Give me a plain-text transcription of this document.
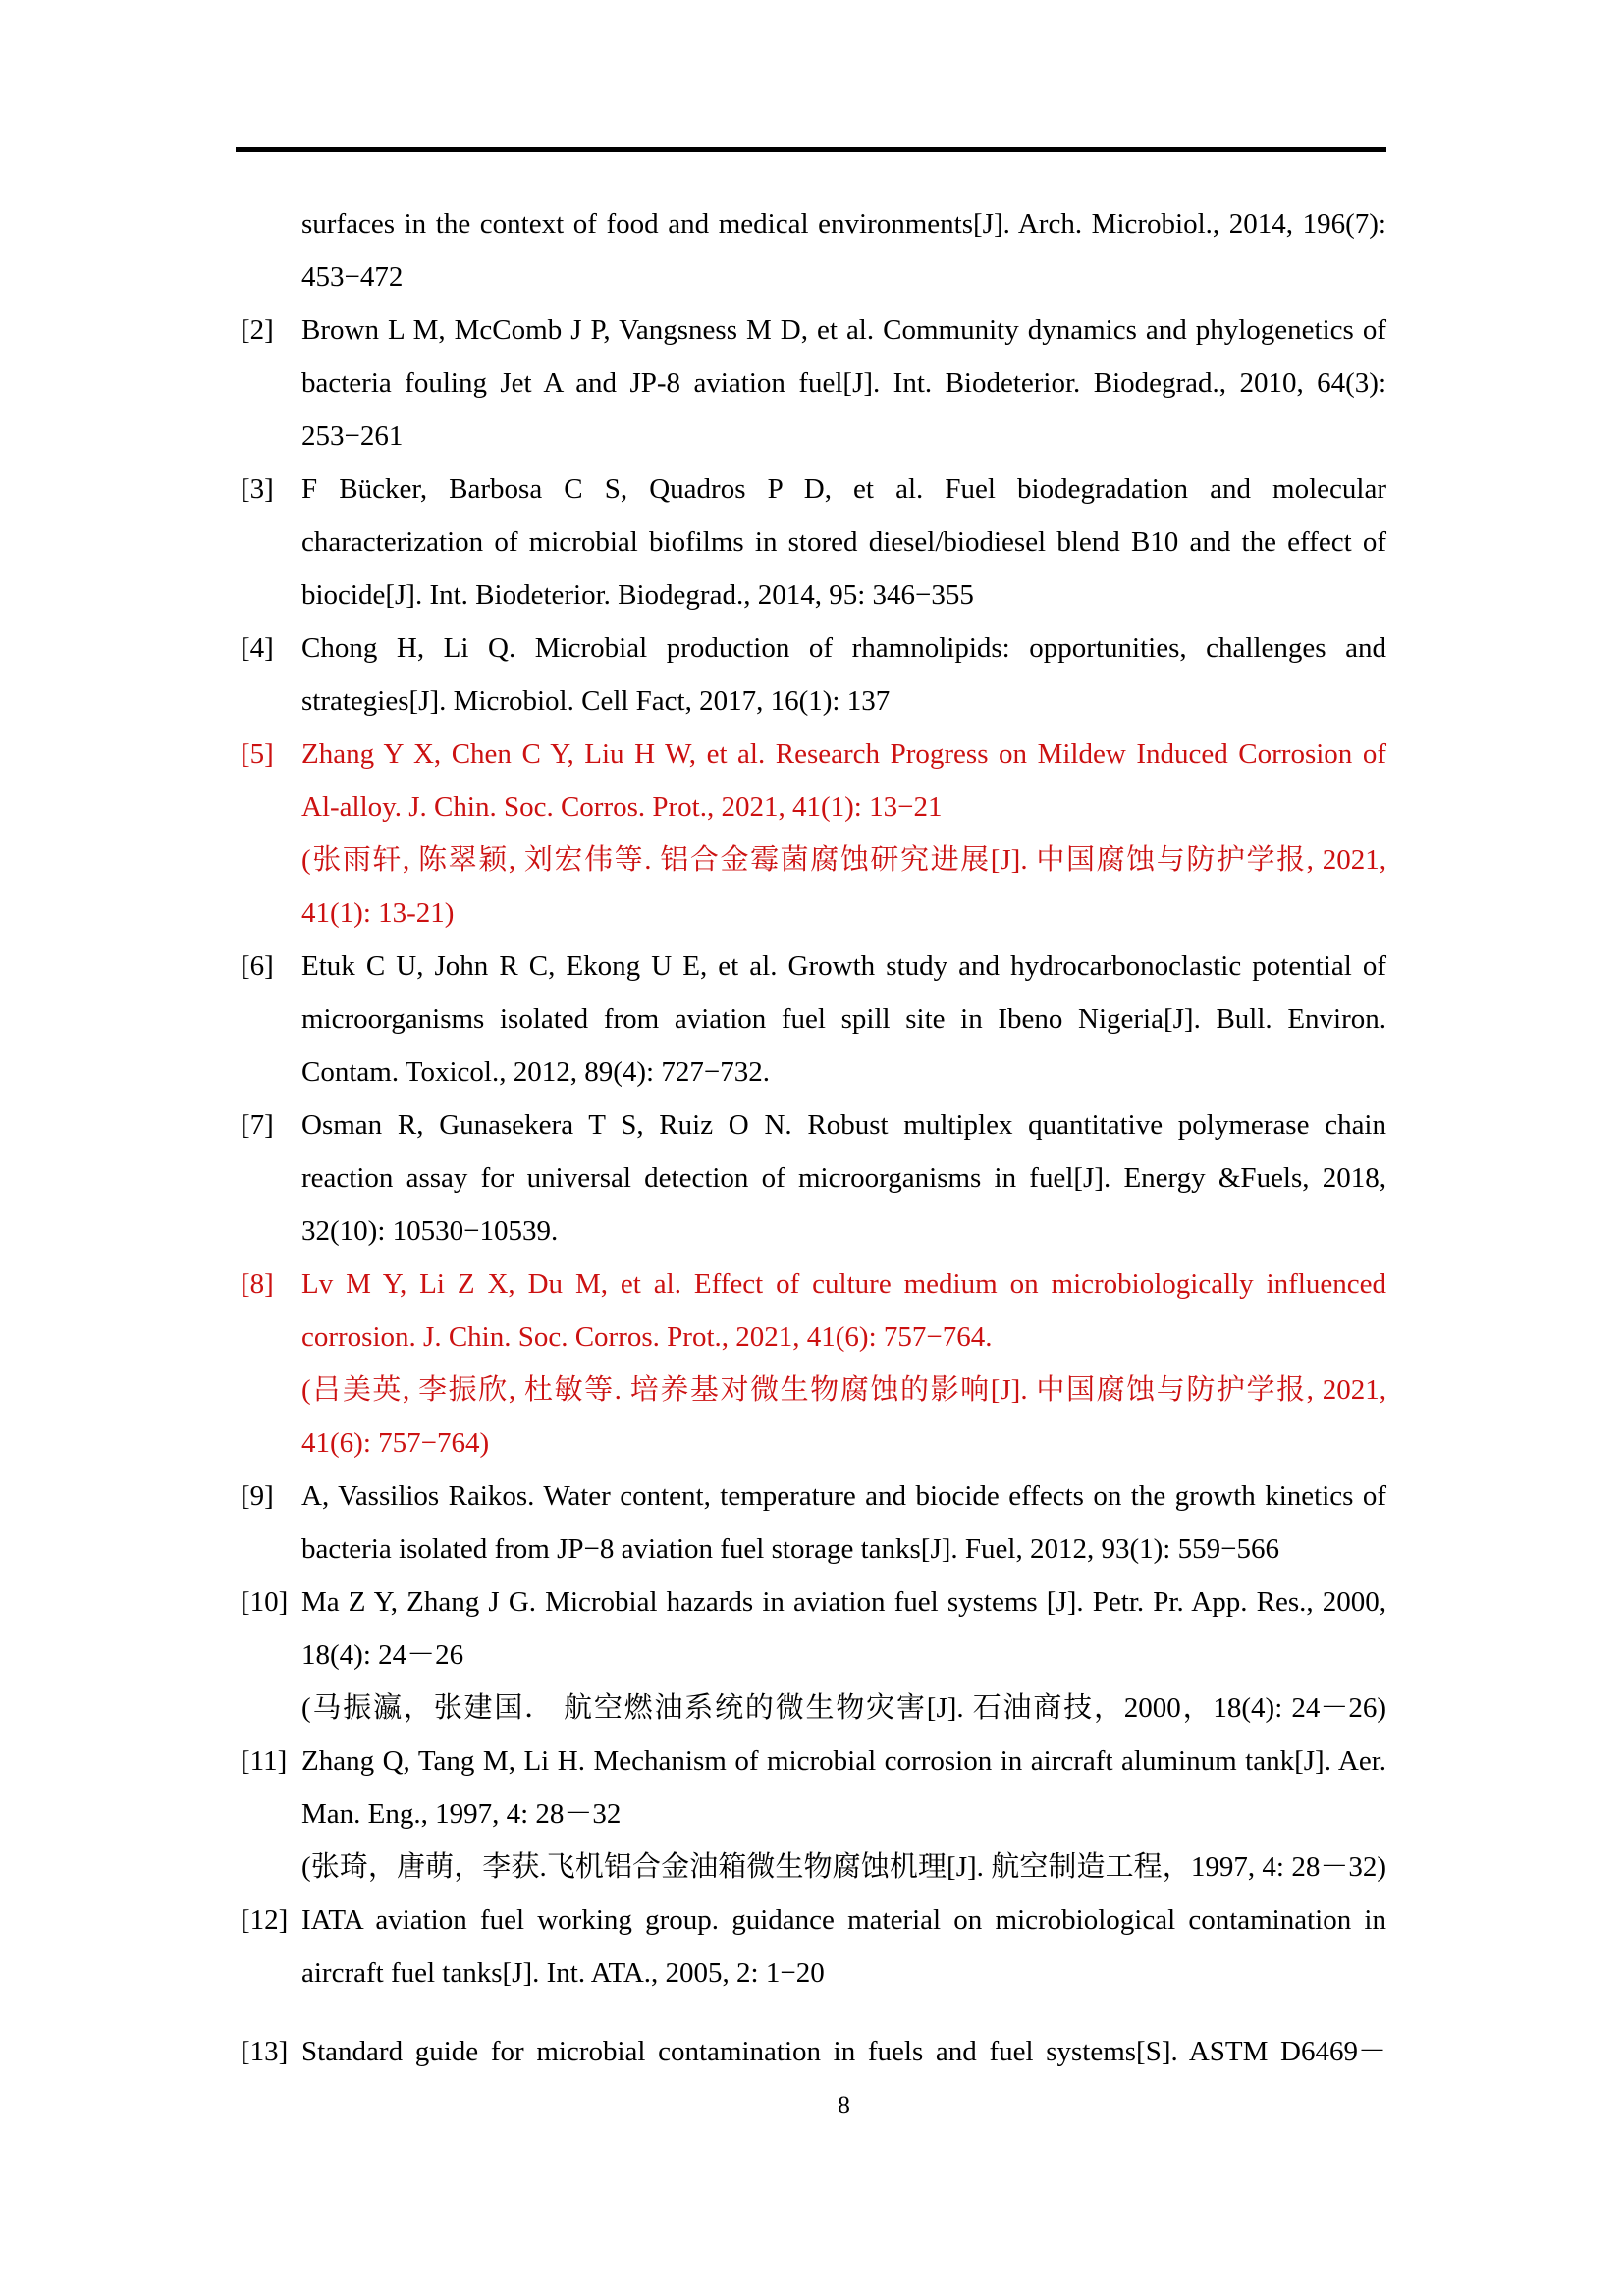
surfaces in the context of food and medical environments[J]. Arch. Microbiol., 2014, 196(7):
453−472
[2] Brown L M, McComb J P, Vangsness M D, et al. Community dynamics and phylogenetics of
bacteria fouling Jet A and JP-8 aviation fuel[J]. Int. Biodeterior. Biodegrad., 2010, 64(3):
253−261
[3] F Bücker, Barbosa C S, Quadros P D, et al. Fuel biodegradation and molecular
characterization of microbial biofilms in stored diesel/biodiesel blend B10 and the effect of
biocide[J]. Int. Biodeterior. Biodegrad., 2014, 95: 346−355
[4] Chong H, Li Q. Microbial production of rhamnolipids: opportunities, challenges and
strategies[J]. Microbiol. Cell Fact, 2017, 16(1): 137
[5] Zhang Y X, Chen C Y, Liu H W, et al. Research Progress on Mildew Induced Corrosion of
Al-alloy. J. Chin. Soc. Corros. Prot., 2021, 41(1): 13−21
(张雨轩, 陈翠颖, 刘宏伟等. 铝合金霉菌腐蚀研究进展[J]. 中国腐蚀与防护学报, 2021,
41(1): 13-21)
[6] Etuk C U, John R C, Ekong U E, et al. Growth study and hydrocarbonoclastic potential of
microorganisms isolated from aviation fuel spill site in Ibeno Nigeria[J]. Bull. Environ.
Contam. Toxicol., 2012, 89(4): 727−732.
[7] Osman R, Gunasekera T S, Ruiz O N. Robust multiplex quantitative polymerase chain
reaction assay for universal detection of microorganisms in fuel[J]. Energy &Fuels, 2018,
32(10): 10530−10539.
[8] Lv M Y, Li Z X, Du M, et al. Effect of culture medium on microbiologically influenced
corrosion. J. Chin. Soc. Corros. Prot., 2021, 41(6): 757−764.
(吕美英, 李振欣, 杜敏等. 培养基对微生物腐蚀的影响[J]. 中国腐蚀与防护学报, 2021,
41(6): 757−764)
[9] A, Vassilios Raikos. Water content, temperature and biocide effects on the growth kinetics of
bacteria isolated from JP−8 aviation fuel storage tanks[J]. Fuel, 2012, 93(1): 559−566
[10] Ma Z Y, Zhang J G. Microbial hazards in aviation fuel systems [J]. Petr. Pr. App. Res., 2000,
18(4): 24－26
(马振瀛，张建国． 航空燃油系统的微生物灾害[J]. 石油商技，2000，18(4): 24－26)
[11] Zhang Q, Tang M, Li H. Mechanism of microbial corrosion in aircraft aluminum tank[J]. Aer.
Man. Eng., 1997, 4: 28－32
(张琦，唐萌，李获.飞机铝合金油箱微生物腐蚀机理[J]. 航空制造工程，1997, 4: 28－32)
[12] IATA aviation fuel working group. guidance material on microbiological contamination in
aircraft fuel tanks[J]. Int. ATA., 2005, 2: 1−20
[13] Standard guide for microbial contamination in fuels and fuel systems[S]. ASTM D6469－
8
